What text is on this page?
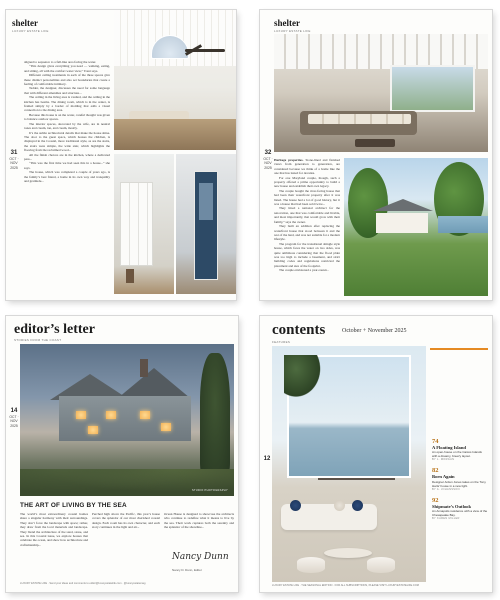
shelter
LUXURY ESTATE LIFE
31
OCT · NOV 2025

aligned to sequence to a full-like area facing the water.

“This design gives everything you need — walking, eating, and sitting, all with the comfort water view,” Trent says.

Different ceiling treatments in each of the three spaces give these distinct personalities and also set boundaries that create a feeling of comfortable intimacy.

Tedder, the designer, discusses the need for some language that with different amenities and structure...

The ceiling in the living area is vaulted, and the ceiling in the kitchen has beams. The dining room, which is in the center, is framed simply by a border of molding that adds a visual connection to the dining area.

Because this house is on the water, careful thought was given to balance outdoor spaces.

The interior spaces, decorated by the wife, are in neutral tones and cream, tan, and cream, mostly.

It’s the subtle architectural details that make the house shine. The door to the guest space, which houses the children, is displayed in the Coastal, more traditional style, as are the stairs, the stairs were simple, the wide stair, which highlights the flooring from the reclaimed wood...

All the finish choices are in the kitchen, where a dedicated pass...

“This was the first time we had seen this in a house...” she says.

The house, which was completed a couple of years ago, is the family’s best friend, a home in its own way and tranquility and gratitude...

shelter
LUXURY ESTATE LIFE
32
OCT · NOV 2025

Heritage properties. Stone-lined and finished views from generation to generation, are considered because we think of a home like the one that has lasted for decades.

For one Maryland couple, though, such a property offered a prime opportunity to build a new house and establish their own legacy.

The couple bought the river-facing house that had been their waterfront property after it was listed. The house had a lot of good history, but it was a house that had been sold twice...

They hired a national architect for the renovation, one that was comfortable and livable, and most importantly, that would grow with their family,” says the owner.

They built an addition after replacing the waterfront house that stood between it and the rest of the land, and was not suitable for a modern lifestyle.

The program for the transitional shingle style house, which faces the water on two sides, was quite ambitious considering that the flood plain was too high to include a basement, and strict building codes and regulations restricted the placement and size of the footprint.

The couple envisioned a year-round...

editor’s letter
STORIES FROM THE COAST
14
OCT · NOV 2025
STUDIO PHOTOGRAPHY
THE ART OF LIVING BY THE SEA

The world’s most extraordinary coastal homes share a singular harmony with their surroundings. They don’t force the landscape with space; rather, they draw from the local materials and landscape. They blend the architecture of the sand, stone, and sea. In this Coastal issue, we explore houses that celebrate the ocean, and show how architecture and craftsmanship...

Perched high above the Pacific, this year’s house covers the splendor of our most cherished coastal design. Each room has its own character, and each story continues in the light and air...

Ocean House is designed to showcase the architects who continue to redefine what it means to live by the sea. Their work captures both the serenity and the splendor of the shoreline...

Nancy Dunn
Nancy D. Dunn, Editor
LUXURY ESTATE LIFE · Send your ideas and comments to editor@luxuryestatelife.com · @luxuryestatemag
contents	October + November 2025
FEATURES
12
74
A Floating Island
An open-house on the Caicos Islands with a dreamy, breezy layout.
BY L. MORGAN
82
Born Again
Designer Arden Jones takes on the Tony Harts’ house in a new light.
BY A. JOHANSSON
92
Shipmate’s Outlook
An Annapolis residence with a view of the Chesapeake Bay.
BY KAREN MILLER
LUXURY ESTATE LIFE · THE SEASONAL EDITION · FOR ALL SUBSCRIPTIONS, PLEASE VISIT LUXURYESTATELIFE.COM
